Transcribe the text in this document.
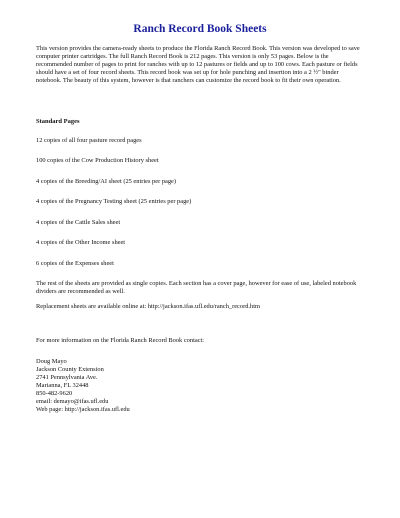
Ranch Record Book Sheets

This version provides the camera-ready sheets to produce the Florida Ranch Record Book. This version was developed to save computer printer cartridges. The full Ranch Record Book is 212 pages. This version is only 53 pages. Below is the recommended number of pages to print for ranches with up to 12 pastures or fields and up to 100 cows. Each pasture or fields should have a set of four record sheets. This record book was set up for hole punching and insertion into a 2 ½" binder notebook. The beauty of this system, however is that ranchers can customize the record book to fit their own operation.

Standard Pages

12 copies of all four pasture record pages

100 copies of the Cow Production History sheet

4 copies of the Breeding/AI sheet (25 entries per page)

4 copies of the Pregnancy Testing sheet (25 entries per page)

4 copies of the Cattle Sales sheet

4 copies of the Other Income sheet

6 copies of the Expenses sheet

The rest of the sheets are provided as single copies. Each section has a cover page, however for ease of use, labeled notebook dividers are recommended as well.

Replacement sheets are available online at: http://jackson.ifas.ufl.edu/ranch_record.htm

For more information on the Florida Ranch Record Book contact:

Doug Mayo
Jackson County Extension
2741 Pennsylvania Ave.
Marianna, FL 32448
850-482-9620
email: demayo@ifas.ufl.edu
Web page: http://jackson.ifas.ufl.edu
